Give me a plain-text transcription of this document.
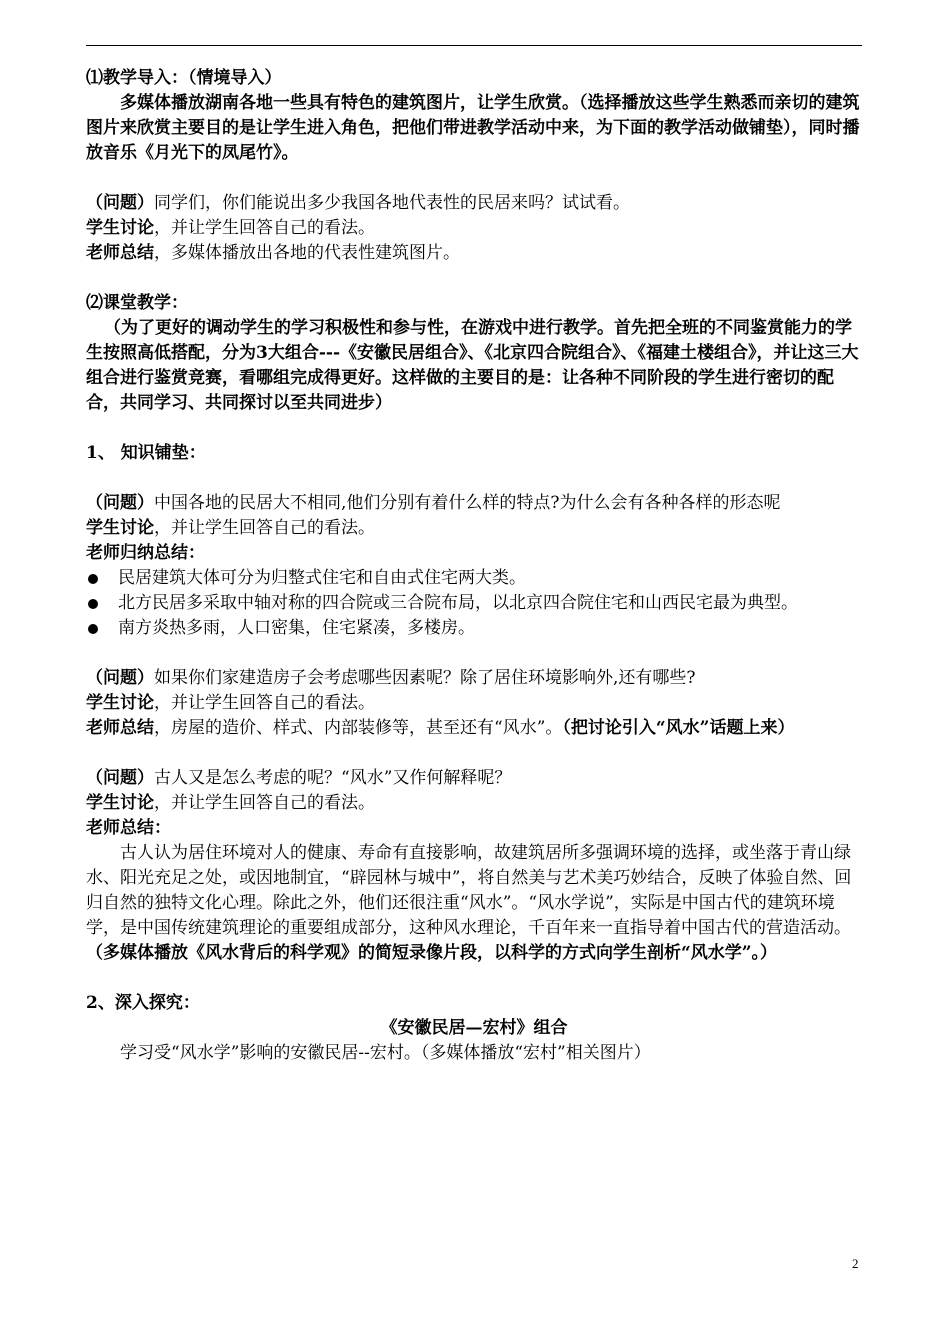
⑴教学导入：（情境导入）
多媒体播放湖南各地一些具有特色的建筑图片，让学生欣赏。（选择播放这些学生熟悉而亲切的建筑图片来欣赏主要目的是让学生进入角色，把他们带进教学活动中来，为下面的教学活动做铺垫），同时播放音乐《月光下的凤尾竹》。
（问题）同学们，你们能说出多少我国各地代表性的民居来吗？试试看。
学生讨论，并让学生回答自己的看法。
老师总结，多媒体播放出各地的代表性建筑图片。
⑵课堂教学：
（为了更好的调动学生的学习积极性和参与性，在游戏中进行教学。首先把全班的不同鉴赏能力的学生按照高低搭配，分为3大组合---《安徽民居组合》、《北京四合院组合》、《福建土楼组合》，并让这三大组合进行鉴赏竞赛，看哪组完成得更好。这样做的主要目的是：让各种不同阶段的学生进行密切的配合，共同学习、共同探讨以至共同进步）
1、 知识铺垫：
（问题）中国各地的民居大不相同,他们分别有着什么样的特点?为什么会有各种各样的形态呢
学生讨论，并让学生回答自己的看法。
老师归纳总结：
民居建筑大体可分为归整式住宅和自由式住宅两大类。
北方民居多采取中轴对称的四合院或三合院布局，以北京四合院住宅和山西民宅最为典型。
南方炎热多雨，人口密集，住宅紧凑，多楼房。
（问题）如果你们家建造房子会考虑哪些因素呢？除了居住环境影响外,还有哪些?
学生讨论，并让学生回答自己的看法。
老师总结，房屋的造价、样式、内部装修等，甚至还有“风水”。（把讨论引入“风水”话题上来）
（问题）古人又是怎么考虑的呢？“风水”又作何解释呢？
学生讨论，并让学生回答自己的看法。
老师总结：
古人认为居住环境对人的健康、寿命有直接影响，故建筑居所多强调环境的选择，或坐落于青山绿水、阳光充足之处，或因地制宜，“辟园林与城中”，将自然美与艺术美巧妙结合，反映了体验自然、回归自然的独特文化心理。除此之外，他们还很注重“风水”。“风水学说”，实际是中国古代的建筑环境学，是中国传统建筑理论的重要组成部分，这种风水理论，千百年来一直指导着中国古代的营造活动。（多媒体播放《风水背后的科学观》的简短录像片段，以科学的方式向学生剖析“风水学”。）
2、深入探究：
《安徽民居—宏村》组合
学习受“风水学”影响的安徽民居--宏村。（多媒体播放“宏村”相关图片）
2
